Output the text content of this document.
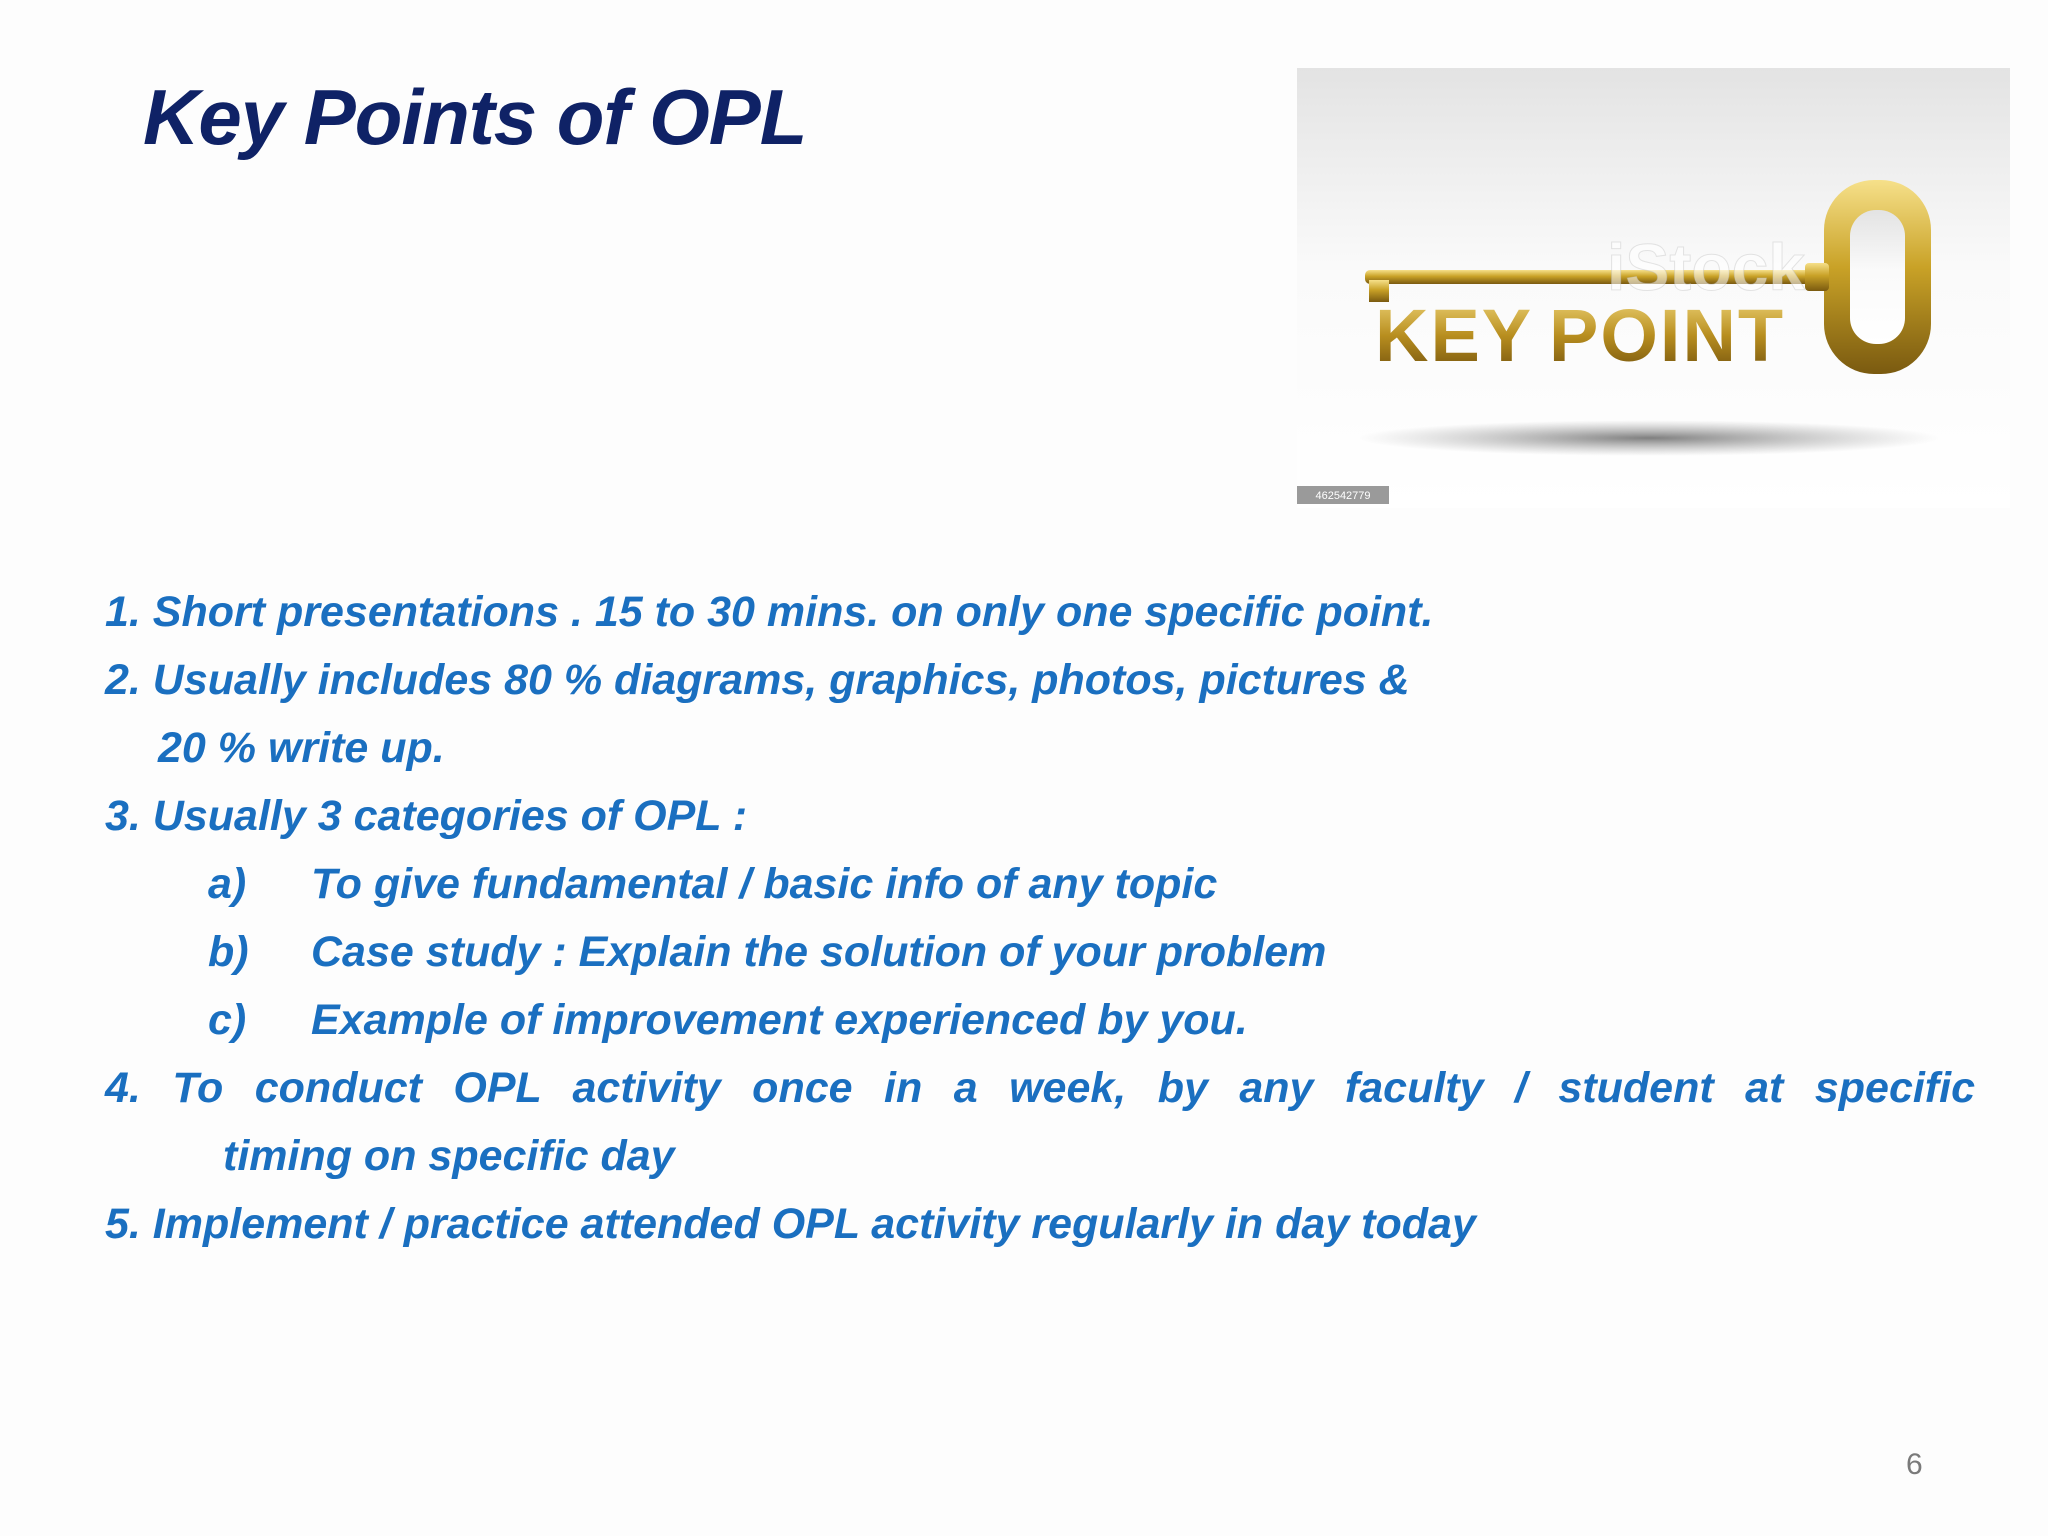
Key Points of OPL
iStock
KEY POINT
462542779
1. Short presentations . 15 to 30 mins. on only one specific point.
2. Usually includes 80 % diagrams, graphics, photos, pictures &
20 % write up.
3. Usually 3 categories of OPL :
a) To give fundamental / basic info of any topic
b) Case study : Explain the solution of your problem
c) Example of improvement experienced by you.
4. To conduct OPL activity once in a week, by any faculty / student at specific
timing on specific day
5. Implement / practice attended OPL activity regularly in day today
6
